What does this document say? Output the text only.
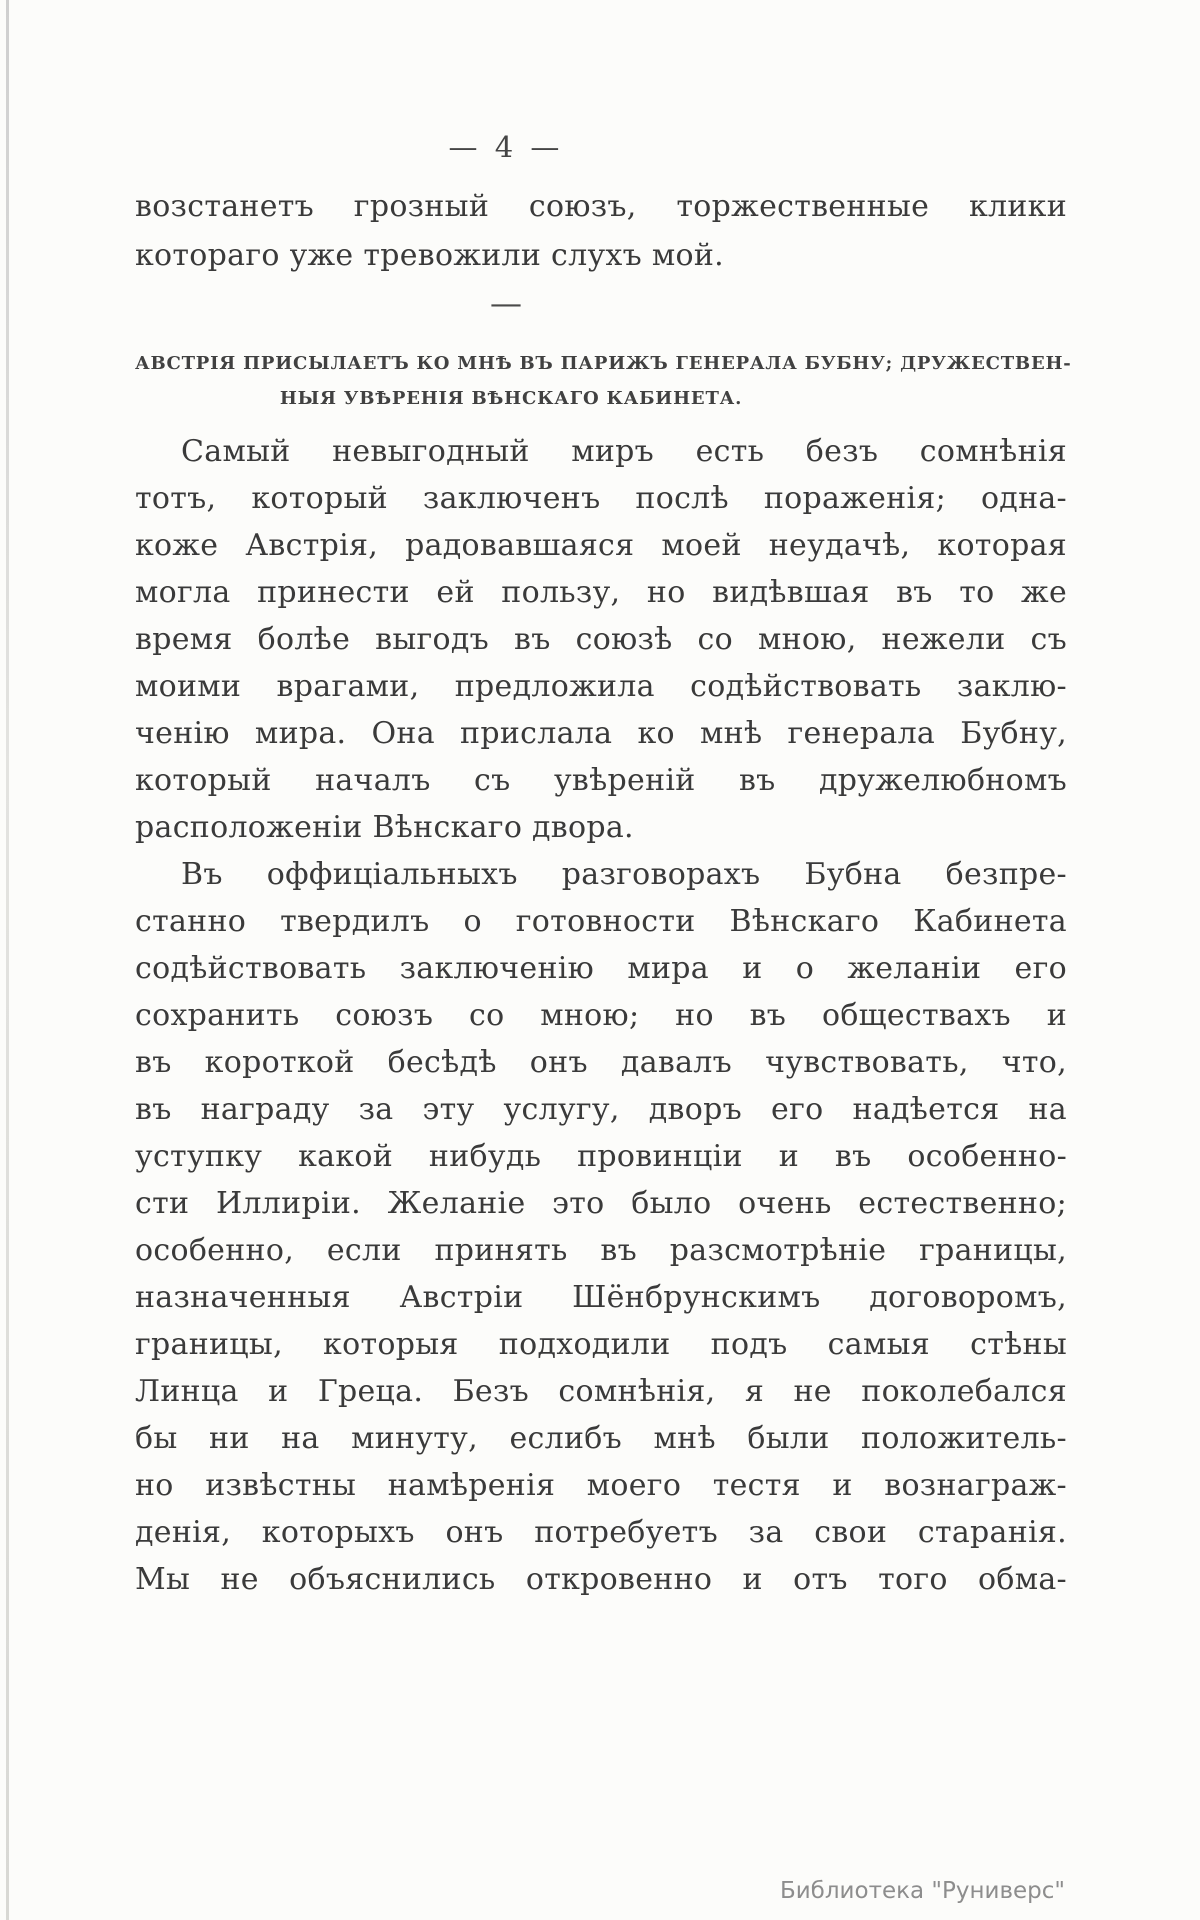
— 4 —
возстанетъ грозный союзъ, торжественные клики
котораго уже тревожили слухъ мой.
—
АВСТРІЯ ПРИСЫЛАЕТЪ КО МНѢ ВЪ ПАРИЖЪ ГЕНЕРАЛА БУБНУ; ДРУЖЕСТВЕН-
НЫЯ УВѢРЕНІЯ ВѢНСКАГО КАБИНЕТА.
Самый невыгодный миръ есть безъ сомнѣнія
тотъ, который заключенъ послѣ пораженія; одна-
коже Австрія, радовавшаяся моей неудачѣ, которая
могла принести ей пользу, но видѣвшая въ то же
время болѣе выгодъ въ союзѣ со мною, нежели съ
моими врагами, предложила содѣйствовать заклю-
ченію мира. Она прислала ко мнѣ генерала Бубну,
который началъ съ увѣреній въ дружелюбномъ
расположеніи Вѣнскаго двора.
Въ оффиціальныхъ разговорахъ Бубна безпре-
станно твердилъ о готовности Вѣнскаго Кабинета
содѣйствовать заключенію мира и о желаніи его
сохранить союзъ со мною; но въ обществахъ и
въ короткой бесѣдѣ онъ давалъ чувствовать, что,
въ награду за эту услугу, дворъ его надѣется на
уступку какой нибудь провинціи и въ особенно-
сти Иллиріи. Желаніе это было очень естественно;
особенно, если принять въ разсмотрѣніе границы,
назначенныя Австріи Шёнбрунскимъ договоромъ,
границы, которыя подходили подъ самыя стѣны
Линца и Греца. Безъ сомнѣнія, я не поколебался
бы ни на минуту, еслибъ мнѣ были положитель-
но извѣстны намѣренія моего тестя и вознаграж-
денія, которыхъ онъ потребуетъ за свои старанія.
Мы не объяснились откровенно и отъ того обма-
Библиотека "Руниверс"
